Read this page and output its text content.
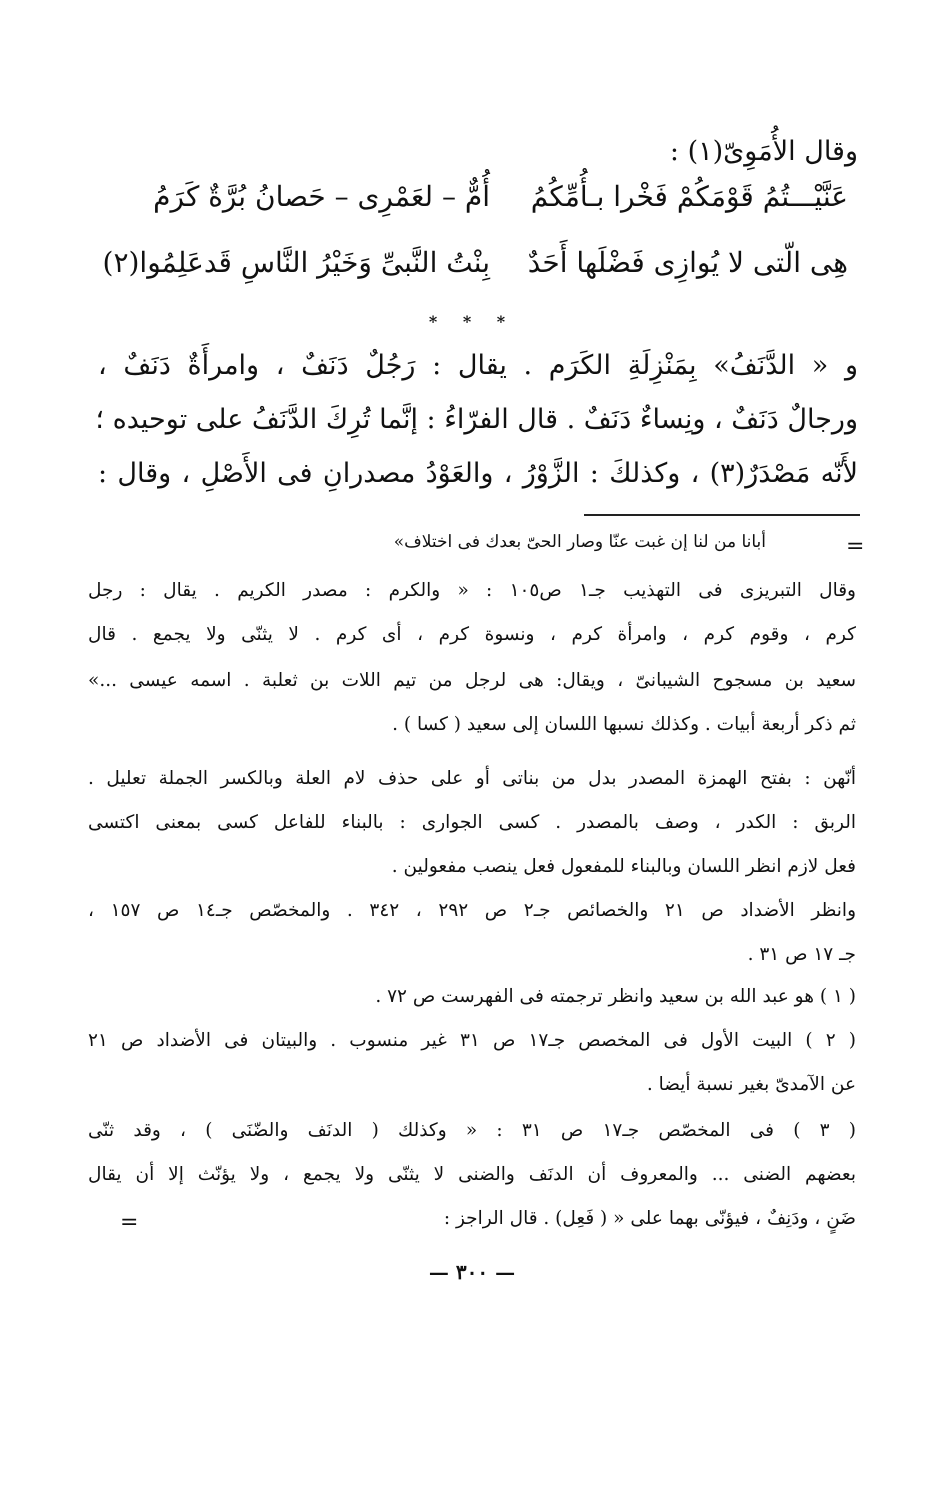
وقال الأُمَوِىّ(١) :
عَنَّيْـــتُمُ قَوْمَكُمْ فَخْرا بـأُمِّكُمُ
أُمٌّ – لعَمْرِى – حَصانُ بُرَّةٌ كَرَمُ
هِى الّتى لا يُوازِى فَضْلَها أَحَدٌ
بِنْتُ النَّبىِّ وَخَيْرُ النَّاسِ قَدعَلِمُوا(٢)
* * *
و « الدَّنَفُ» بِمَنْزِلَةِ الكَرَم . يقال : رَجُلٌ دَنَفٌ ، وامرأَةٌ دَنَفٌ ،
ورجالٌ دَنَفٌ ، ونِساءٌ دَنَفٌ . قال الفرّاءُ : إنَّما تُرِكَ الدَّنَفُ على توحيده ؛
لأَنّه مَصْدَرٌ(٣) ، وكذلكَ : الزَّوْرُ ، والعَوْدُ مصدرانِ فى الأَصْلِ ، وقال :
=
أبانا من لنا إن غبت عنّا وصار الحىّ بعدك فى اختلاف»
وقال التبريزى فى التهذيب جـ١ ص١٠٥ : « والكرم : مصدر الكريم . يقال : رجل
كرم ، وقوم كرم ، وامرأة كرم ، ونسوة كرم ، أى كرم . لا يثنّى ولا يجمع . قال
سعيد بن مسجوح الشيبانىّ ، ويقال: هى لرجل من تيم اللات بن ثعلبة . اسمه عيسى ...»
ثم ذكر أربعة أبيات . وكذلك نسبها اللسان إلى سعيد ( كسا ) .
أنّهن : بفتح الهمزة المصدر بدل من بناتى أو على حذف لام العلة وبالكسر الجملة تعليل .
الربق : الكدر ، وصف بالمصدر . كسى الجوارى : بالبناء للفاعل كسى بمعنى اكتسى
فعل لازم انظر اللسان وبالبناء للمفعول فعل ينصب مفعولين .
وانظر الأضداد ص ٢١ والخصائص جـ٢ ص ٢٩٢ ، ٣٤٢ . والمخصّص جـ١٤ ص ١٥٧ ،
جـ ١٧ ص ٣١ .
( ١ ) هو عبد الله بن سعيد وانظر ترجمته فى الفهرست ص ٧٢ .
( ٢ ) البيت الأول فى المخصص جـ١٧ ص ٣١ غير منسوب . والبيتان فى الأضداد ص ٢١
عن الآمدىّ بغير نسبة أيضا .
( ٣ ) فى المخصّص جـ١٧ ص ٣١ : « وكذلك ( الدنَف والضّنَى ) ، وقد ثنّى
بعضهم الضنى ... والمعروف أن الدنَف والضنى لا يثنّى ولا يجمع ، ولا يؤنّث إلا أن يقال
ضَنٍ ، ودَنِفٌ ، فيؤنّى بهما على « ( فَعِل) . قال الراجز :
=
— ٣٠٠ —
